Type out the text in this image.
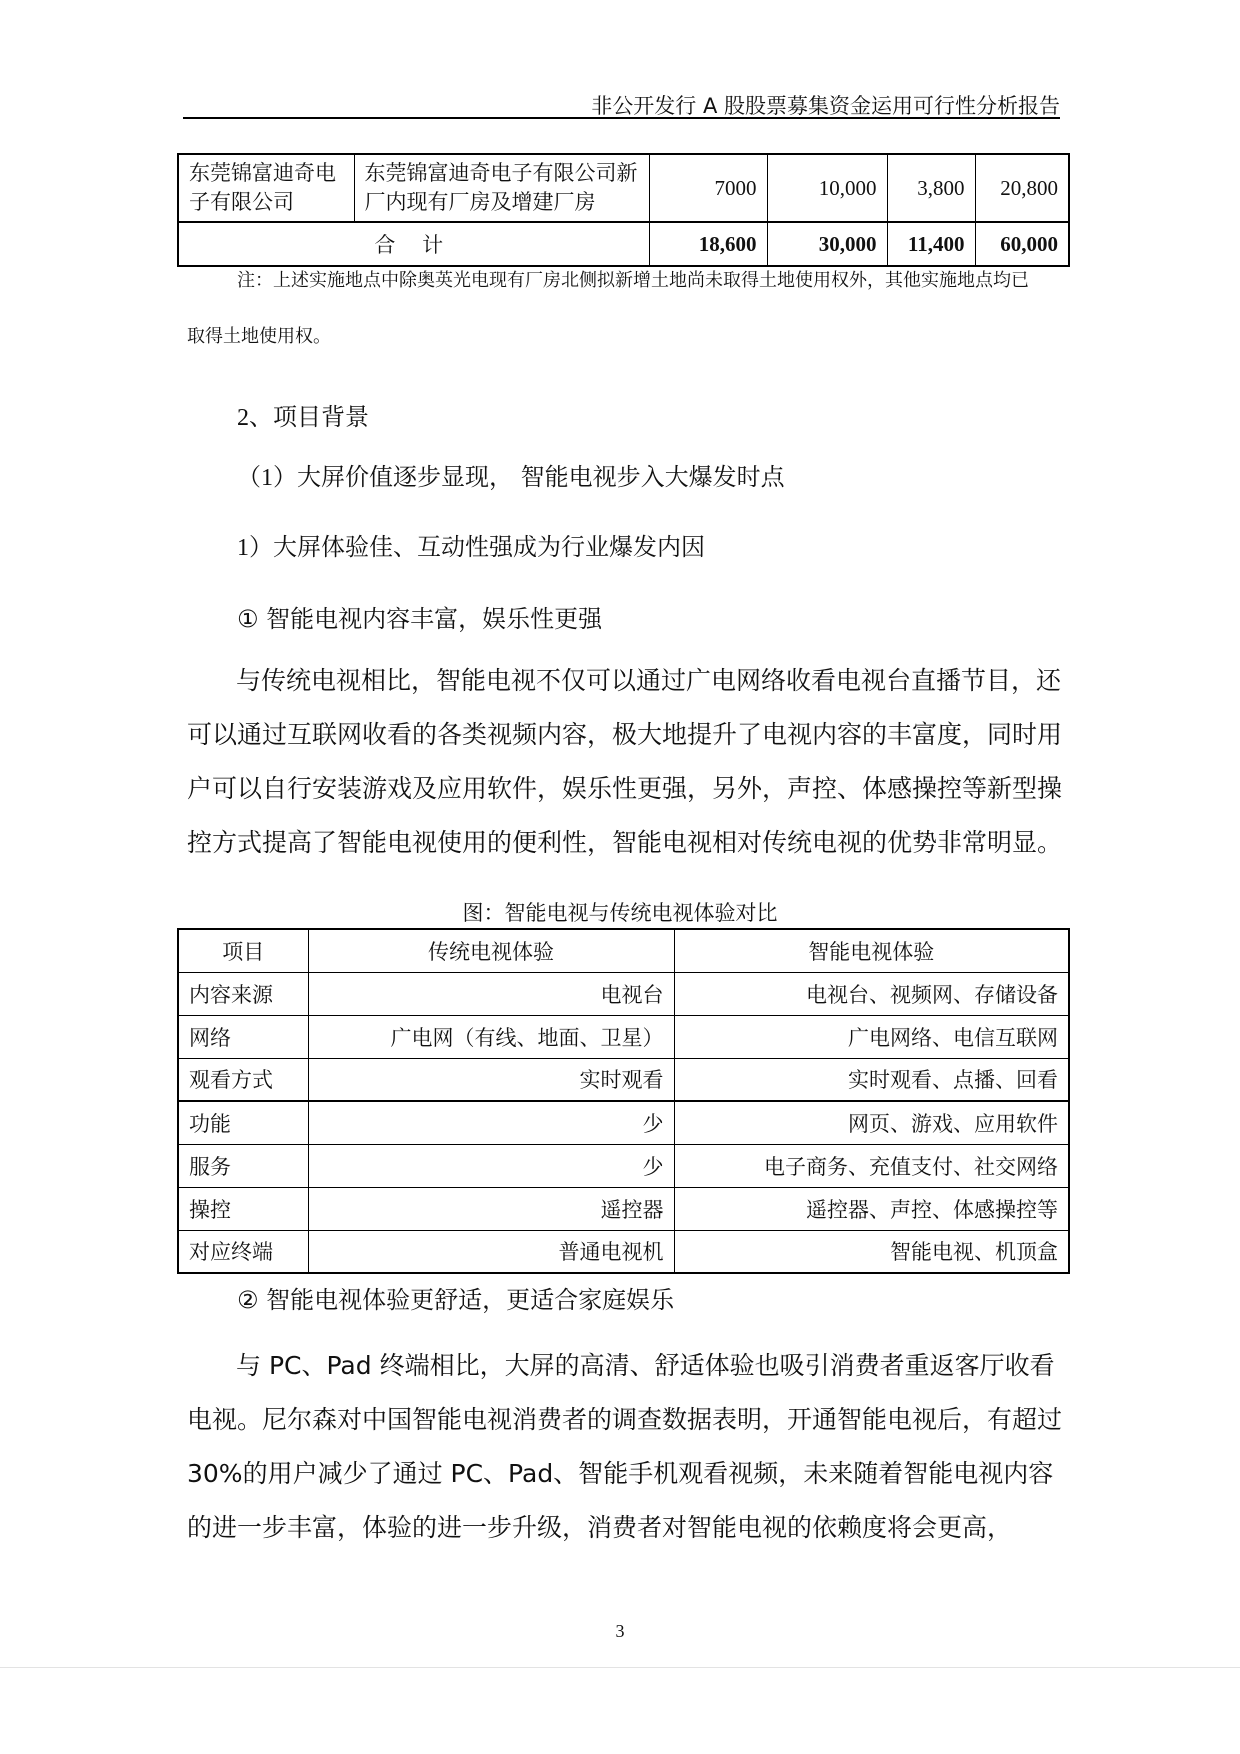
非公开发行 A 股股票募集资金运用可行性分析报告
东莞锦富迪奇电子有限公司	东莞锦富迪奇电子有限公司新厂内现有厂房及增建厂房	7000	10,000	3,800	20,800
合 计		18,600	30,000	11,400	60,000
注：上述实施地点中除奥英光电现有厂房北侧拟新增土地尚未取得土地使用权外，其他实施地点均已
取得土地使用权。
2、项目背景
（1）大屏价值逐步显现， 智能电视步入大爆发时点
1）大屏体验佳、互动性强成为行业爆发内因
① 智能电视内容丰富，娱乐性更强
与传统电视相比，智能电视不仅可以通过广电网络收看电视台直播节目，还可以通过互联网收看的各类视频内容，极大地提升了电视内容的丰富度，同时用户可以自行安装游戏及应用软件，娱乐性更强，另外，声控、体感操控等新型操控方式提高了智能电视使用的便利性，智能电视相对传统电视的优势非常明显。
图：智能电视与传统电视体验对比
项目	传统电视体验	智能电视体验
内容来源	电视台	电视台、视频网、存储设备
网络	广电网（有线、地面、卫星）	广电网络、电信互联网
观看方式	实时观看	实时观看、点播、回看
功能	少	网页、游戏、应用软件
服务	少	电子商务、充值支付、社交网络
操控	遥控器	遥控器、声控、体感操控等
对应终端	普通电视机	智能电视、机顶盒
② 智能电视体验更舒适，更适合家庭娱乐
与 PC、Pad 终端相比，大屏的高清、舒适体验也吸引消费者重返客厅收看电视。尼尔森对中国智能电视消费者的调查数据表明，开通智能电视后，有超过 30%的用户减少了通过 PC、Pad、智能手机观看视频，未来随着智能电视内容的进一步丰富，体验的进一步升级，消费者对智能电视的依赖度将会更高，
3
